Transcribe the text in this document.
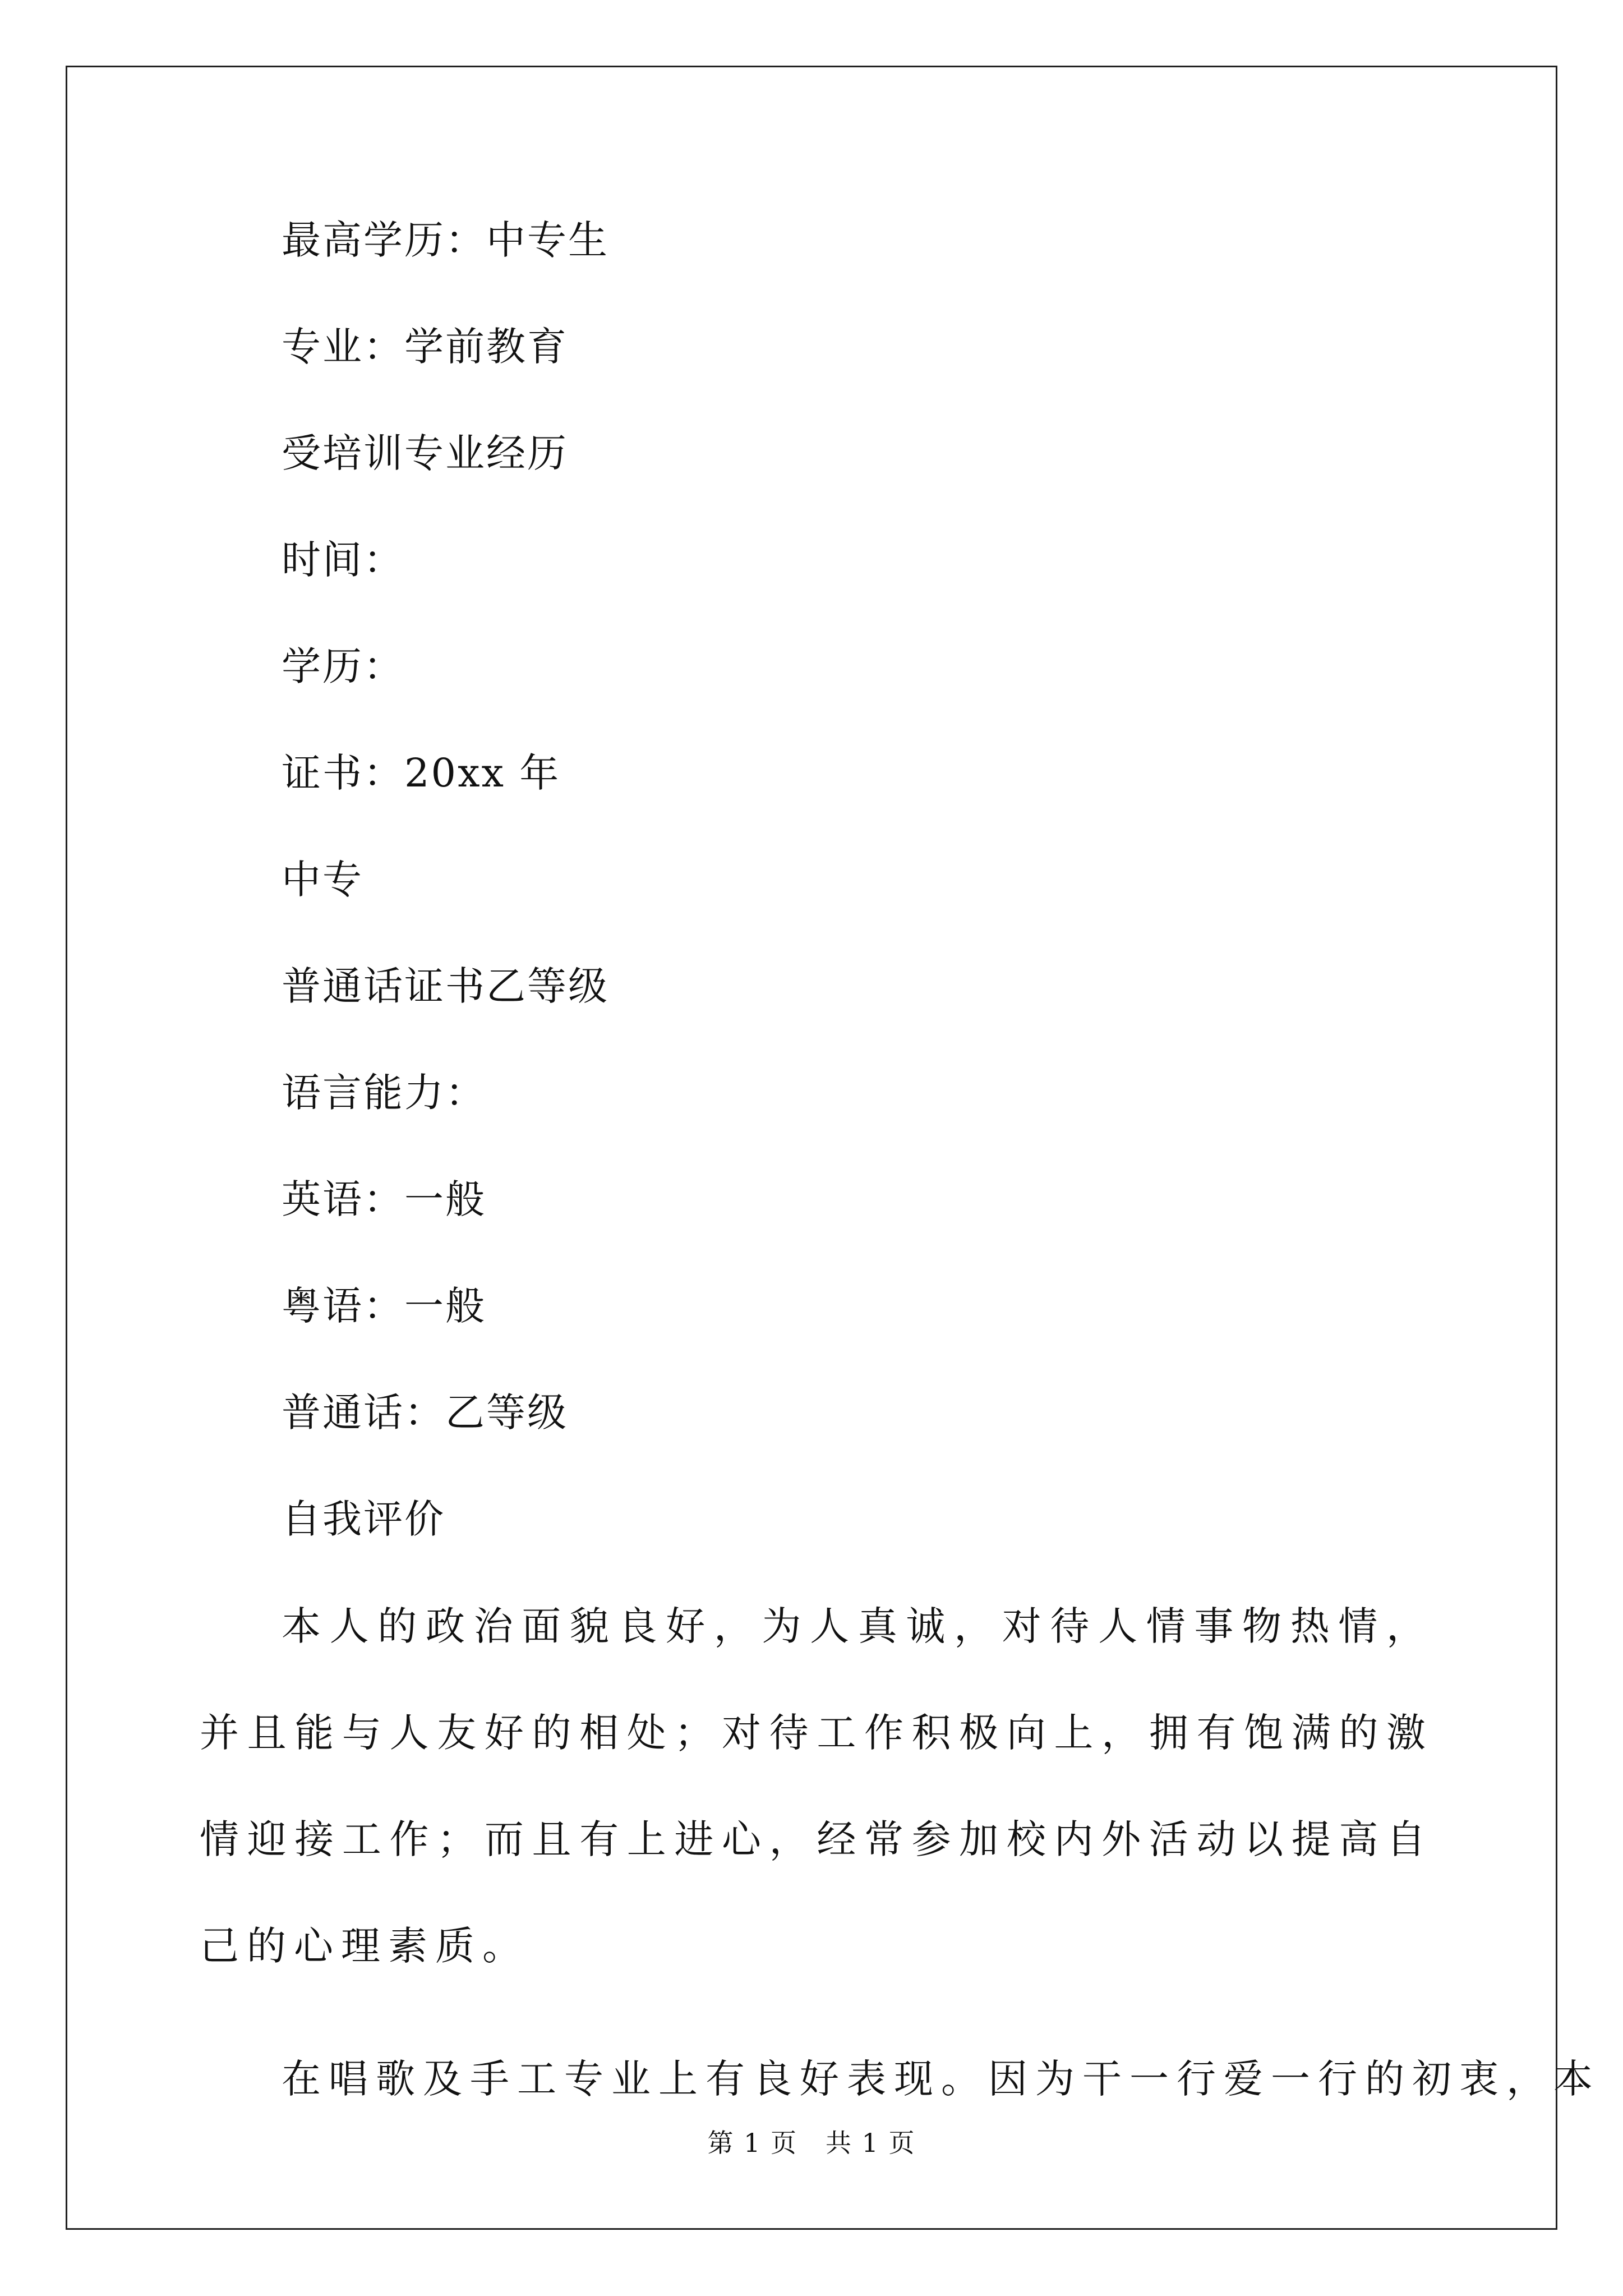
最高学历：中专生

专业：学前教育

受培训专业经历

时间：

学历：

证书：20xx 年

中专

普通话证书乙等级

语言能力：

英语：一般

粤语：一般

普通话：乙等级

自我评价

本人的政治面貌良好，为人真诚，对待人情事物热情，并且能与人友好的相处；对待工作积极向上，拥有饱满的激情迎接工作；而且有上进心，经常参加校内外活动以提高自己的心理素质。

在唱歌及手工专业上有良好表现。因为干一行爱一行的初衷，本

第 1 页 共 1 页
